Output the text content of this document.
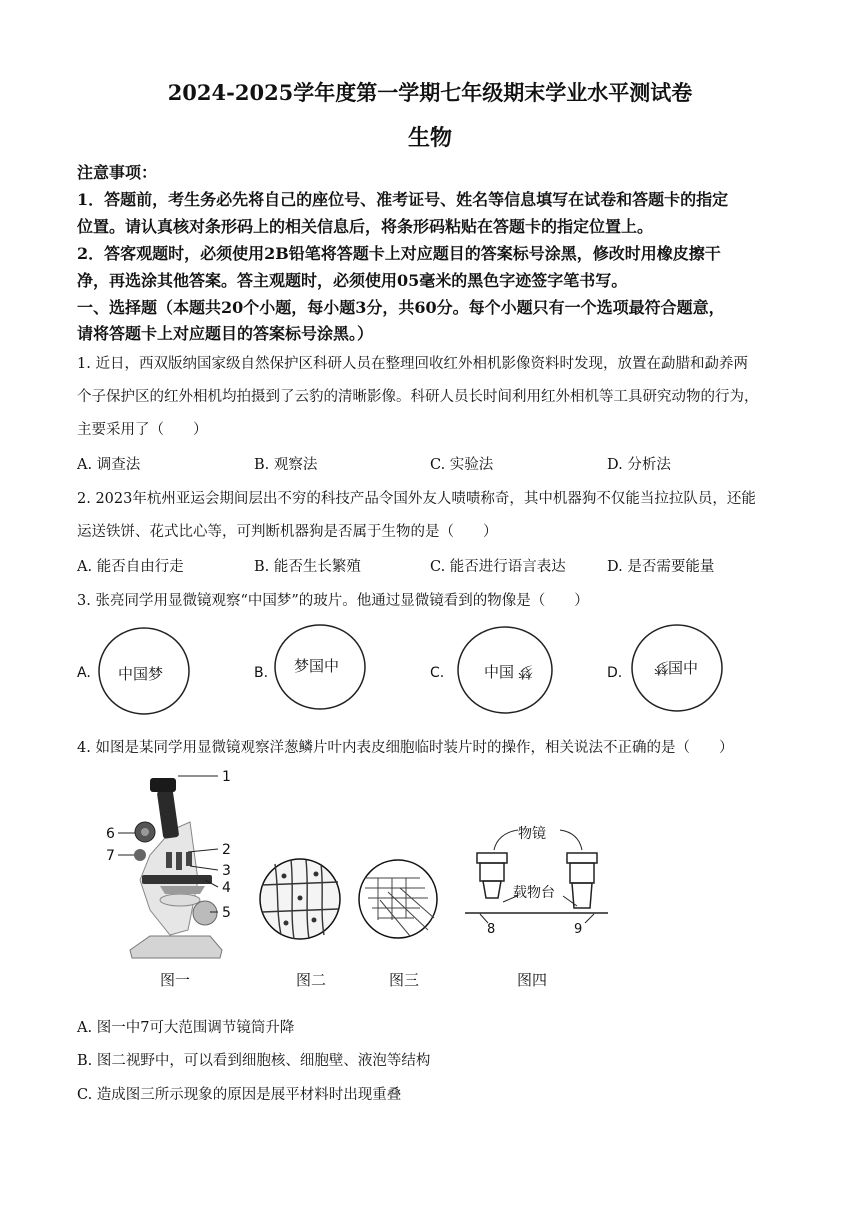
2024-2025学年度第一学期七年级期末学业水平测试卷
生物
注意事项：
1．答题前，考生务必先将自己的座位号、准考证号、姓名等信息填写在试卷和答题卡的指定
位置。请认真核对条形码上的相关信息后，将条形码粘贴在答题卡的指定位置上。
2．答客观题时，必须使用2B铅笔将答题卡上对应题目的答案标号涂黑，修改时用橡皮擦干
净，再选涂其他答案。答主观题时，必须使用05毫米的黑色字迹签字笔书写。
一、选择题（本题共20个小题，每小题3分，共60分。每个小题只有一个选项最符合题意，
请将答题卡上对应题目的答案标号涂黑。）
1. 近日，西双版纳国家级自然保护区科研人员在整理回收红外相机影像资料时发现，放置在勐腊和勐养两
个子保护区的红外相机均拍摄到了云豹的清晰影像。科研人员长时间利用红外相机等工具研究动物的行为，
主要采用了（　　）
A. 调查法	B. 观察法	C. 实验法	D. 分析法
2. 2023年杭州亚运会期间层出不穷的科技产品令国外友人啧啧称奇，其中机器狗不仅能当拉拉队员，还能
运送铁饼、花式比心等，可判断机器狗是否属于生物的是（　　）
A. 能否自由行走	B. 能否生长繁殖	C. 能否进行语言表达	D. 是否需要能量
3. 张亮同学用显微镜观察“中国梦”的玻片。他通过显微镜看到的物像是（　　）
A.	B.	C.	D.
中国梦	梦国中	中国 梦	国中
梦
4. 如图是某同学用显微镜观察洋葱鳞片叶内表皮细胞临时装片时的操作，相关说法不正确的是（　　）
1
2
3
4
5
6
7
物镜
载物台
8	9
图一	图二	图三	图四
A. 图一中7可大范围调节镜筒升降
B. 图二视野中，可以看到细胞核、细胞壁、液泡等结构
C. 造成图三所示现象的原因是展平材料时出现重叠
